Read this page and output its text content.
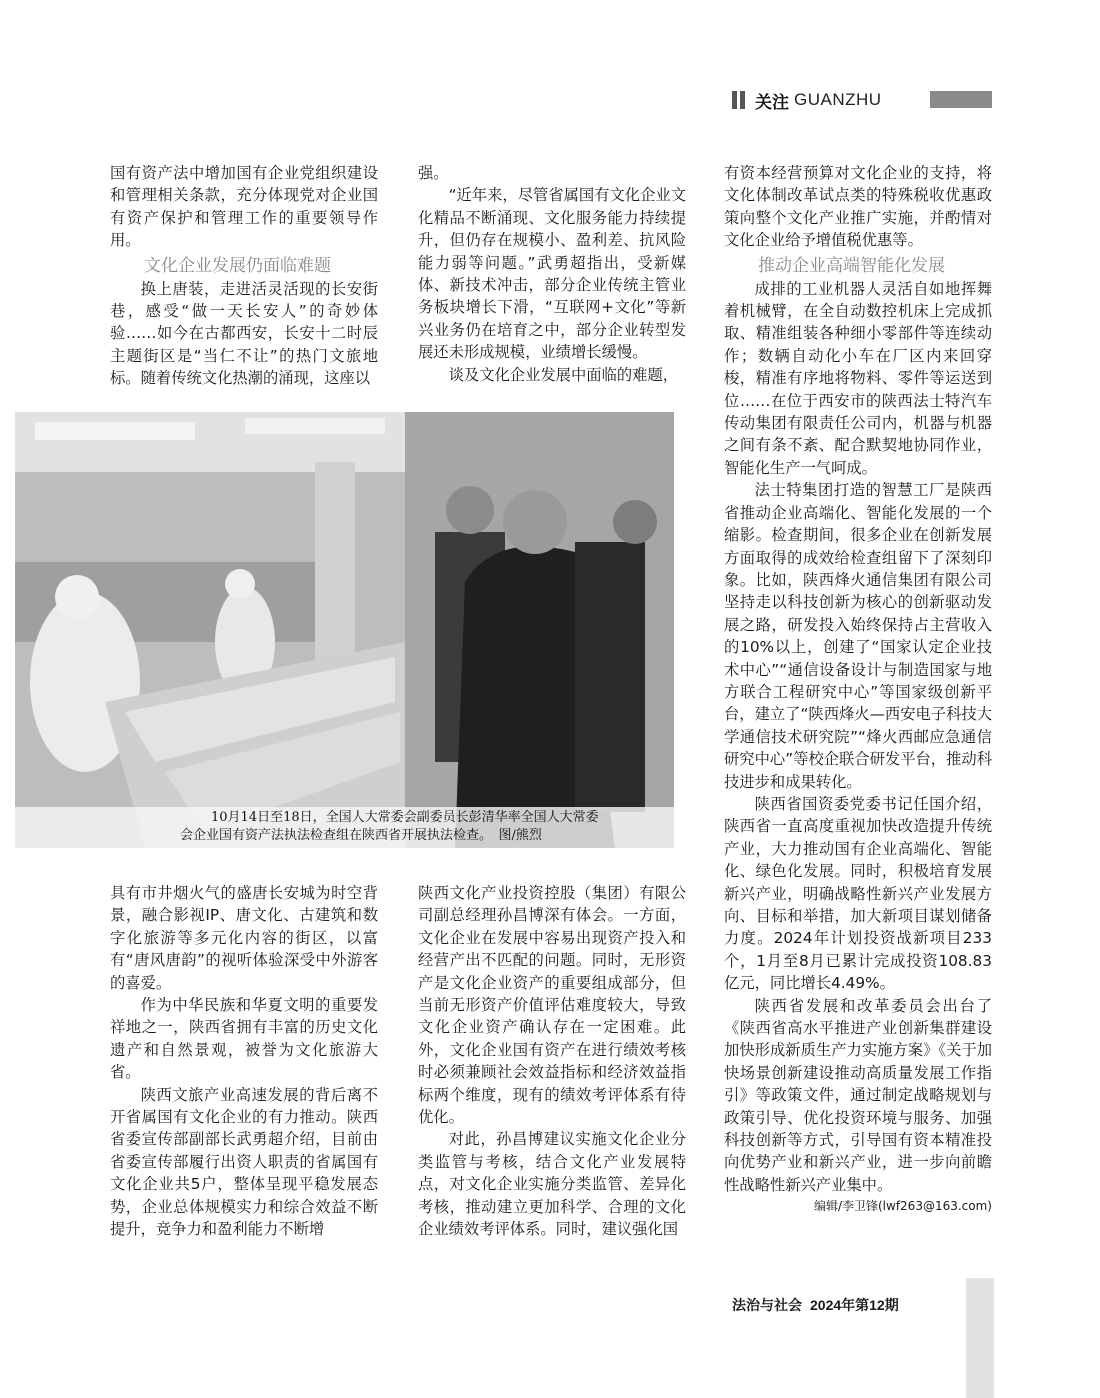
关注 GUANZHU

国有资产法中增加国有企业党组织建设和管理相关条款，充分体现党对企业国有资产保护和管理工作的重要领导作用。

文化企业发展仍面临难题

换上唐装，走进活灵活现的长安街巷，感受“做一天长安人”的奇妙体验……如今在古都西安，长安十二时辰主题街区是“当仁不让”的热门文旅地标。随着传统文化热潮的涌现，这座以

强。

“近年来，尽管省属国有文化企业文化精品不断涌现、文化服务能力持续提升，但仍存在规模小、盈利差、抗风险能力弱等问题。”武勇超指出，受新媒体、新技术冲击，部分企业传统主管业务板块增长下滑，“互联网+文化”等新兴业务仍在培育之中，部分企业转型发展还未形成规模，业绩增长缓慢。

谈及文化企业发展中面临的难题，

有资本经营预算对文化企业的支持，将文化体制改革试点类的特殊税收优惠政策向整个文化产业推广实施，并酌情对文化企业给予增值税优惠等。

推动企业高端智能化发展

成排的工业机器人灵活自如地挥舞着机械臂，在全自动数控机床上完成抓取、精准组装各种细小零部件等连续动作；数辆自动化小车在厂区内来回穿梭，精准有序地将物料、零件等运送到位……在位于西安市的陕西法士特汽车传动集团有限责任公司内，机器与机器之间有条不紊、配合默契地协同作业，智能化生产一气呵成。

法士特集团打造的智慧工厂是陕西省推动企业高端化、智能化发展的一个缩影。检查期间，很多企业在创新发展方面取得的成效给检查组留下了深刻印象。比如，陕西烽火通信集团有限公司坚持走以科技创新为核心的创新驱动发展之路，研发投入始终保持占主营收入的10%以上，创建了“国家认定企业技术中心”“通信设备设计与制造国家与地方联合工程研究中心”等国家级创新平台，建立了“陕西烽火—西安电子科技大学通信技术研究院”“烽火西邮应急通信研究中心”等校企联合研发平台，推动科技进步和成果转化。

陕西省国资委党委书记任国介绍，陕西省一直高度重视加快改造提升传统产业，大力推动国有企业高端化、智能化、绿色化发展。同时，积极培育发展新兴产业，明确战略性新兴产业发展方向、目标和举措，加大新项目谋划储备力度。2024年计划投资战新项目233个，1月至8月已累计完成投资108.83亿元，同比增长4.49%。

陕西省发展和改革委员会出台了《陕西省高水平推进产业创新集群建设加快形成新质生产力实施方案》《关于加快场景创新建设推动高质量发展工作指引》等政策文件，通过制定战略规划与政策引导、优化投资环境与服务、加强科技创新等方式，引导国有资本精准投向优势产业和新兴产业，进一步向前瞻性战略性新兴产业集中。

编辑/李卫锋(lwf263@163.com)
10月14日至18日，全国人大常委会副委员长彭清华率全国人大常委
会企业国有资产法执法检查组在陕西省开展执法检查。　图/熊烈

具有市井烟火气的盛唐长安城为时空背景，融合影视IP、唐文化、古建筑和数字化旅游等多元化内容的街区，以富有“唐风唐韵”的视听体验深受中外游客的喜爱。

作为中华民族和华夏文明的重要发祥地之一，陕西省拥有丰富的历史文化遗产和自然景观，被誉为文化旅游大省。

陕西文旅产业高速发展的背后离不开省属国有文化企业的有力推动。陕西省委宣传部副部长武勇超介绍，目前由省委宣传部履行出资人职责的省属国有文化企业共5户，整体呈现平稳发展态势，企业总体规模实力和综合效益不断提升，竞争力和盈利能力不断增

陕西文化产业投资控股（集团）有限公司副总经理孙昌博深有体会。一方面，文化企业在发展中容易出现资产投入和经营产出不匹配的问题。同时，无形资产是文化企业资产的重要组成部分，但当前无形资产价值评估难度较大，导致文化企业资产确认存在一定困难。此外，文化企业国有资产在进行绩效考核时必须兼顾社会效益指标和经济效益指标两个维度，现有的绩效考评体系有待优化。

对此，孙昌博建议实施文化企业分类监管与考核，结合文化产业发展特点，对文化企业实施分类监管、差异化考核，推动建立更加科学、合理的文化企业绩效考评体系。同时，建议强化国

法治与社会 2024年第12期
